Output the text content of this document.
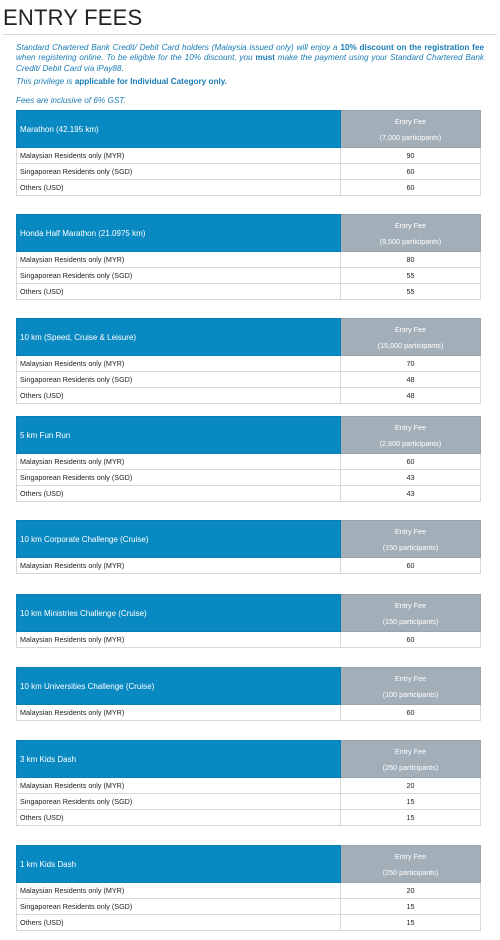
ENTRY FEES

Standard Chartered Bank Credit/ Debit Card holders (Malaysia issued only) will enjoy a 10% discount on the registration fee when registering online. To be eligible for the 10% discount, you must make the payment using your Standard Chartered Bank Credit/ Debit Card via iPay88.

This privilege is applicable for Individual Category only.

Fees are inclusive of 6% GST.

Marathon (42.195 km)	Entry Fee
(7,000 participants)
Malaysian Residents only (MYR)	90
Singaporean Residents only (SGD)	60
Others (USD)	60
Honda Half Marathon (21.0975 km)	Entry Fee
(9,500 participants)
Malaysian Residents only (MYR)	80
Singaporean Residents only (SGD)	55
Others (USD)	55
10 km (Speed, Cruise & Leisure)	Entry Fee
(15,000 participants)
Malaysian Residents only (MYR)	70
Singaporean Residents only (SGD)	48
Others (USD)	48
5 km Fun Run	Entry Fee
(2,600 participants)
Malaysian Residents only (MYR)	60
Singaporean Residents only (SGD)	43
Others (USD)	43
10 km Corporate Challenge (Cruise)	Entry Fee
(150 participants)
Malaysian Residents only (MYR)	60
10 km Ministries Challenge (Cruise)	Entry Fee
(150 participants)
Malaysian Residents only (MYR)	60
10 km Universities Challenge (Cruise)	Entry Fee
(100 participants)
Malaysian Residents only (MYR)	60
3 km Kids Dash	Entry Fee
(250 participants)
Malaysian Residents only (MYR)	20
Singaporean Residents only (SGD)	15
Others (USD)	15
1 km Kids Dash	Entry Fee
(250 participants)
Malaysian Residents only (MYR)	20
Singaporean Residents only (SGD)	15
Others (USD)	15
